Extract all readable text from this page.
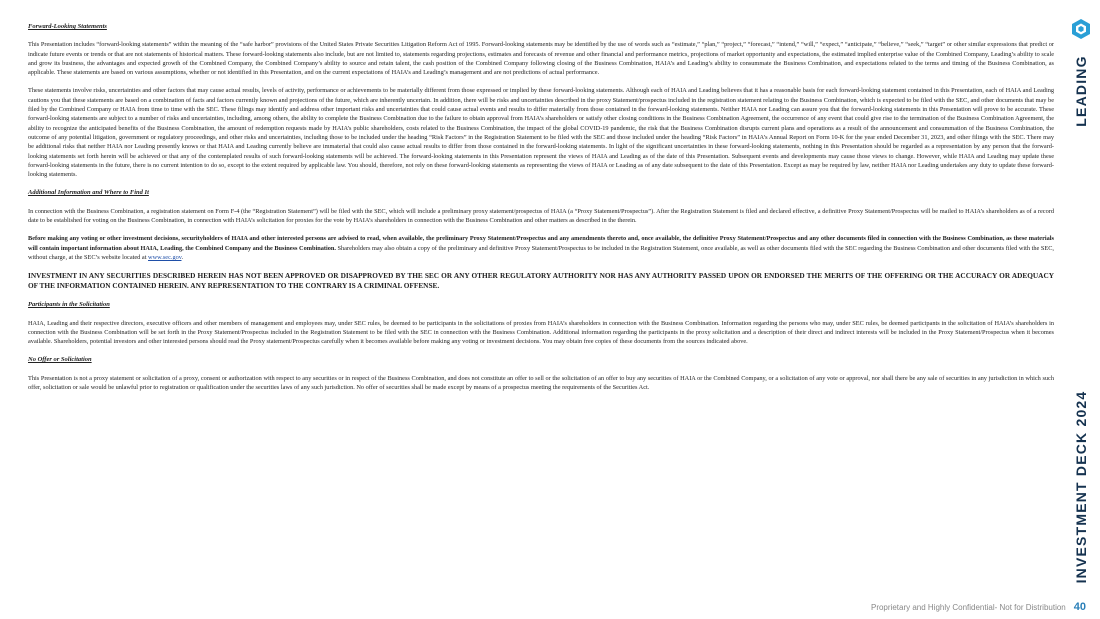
Forward-Looking Statements

This Presentation includes “forward-looking statements” within the meaning of the “safe harbor” provisions of the United States Private Securities Litigation Reform Act of 1995. Forward-looking statements may be identified by the use of words such as “estimate,” “plan,” “project,” “forecast,” “intend,” “will,” “expect,” “anticipate,” “believe,” “seek,” “target” or other similar expressions that predict or indicate future events or trends or that are not statements of historical matters. These forward-looking statements also include, but are not limited to, statements regarding projections, estimates and forecasts of revenue and other financial and performance metrics, projections of market opportunity and expectations, the estimated implied enterprise value of the Combined Company, Leading’s ability to scale and grow its business, the advantages and expected growth of the Combined Company, the Combined Company’s ability to source and retain talent, the cash position of the Combined Company following closing of the Business Combination, HAIA’s and Leading’s ability to consummate the Business Combination, and expectations related to the terms and timing of the Business Combination, as applicable. These statements are based on various assumptions, whether or not identified in this Presentation, and on the current expectations of HAIA’s and Leading’s management and are not predictions of actual performance.

These statements involve risks, uncertainties and other factors that may cause actual results, levels of activity, performance or achievements to be materially different from those expressed or implied by these forward-looking statements. Although each of HAIA and Leading believes that it has a reasonable basis for each forward-looking statement contained in this Presentation, each of HAIA and Leading cautions you that these statements are based on a combination of facts and factors currently known and projections of the future, which are inherently uncertain. In addition, there will be risks and uncertainties described in the proxy Statement/prospectus included in the registration statement relating to the Business Combination, which is expected to be filed with the SEC, and other documents that may be filed by the Combined Company or HAIA from time to time with the SEC. These filings may identify and address other important risks and uncertainties that could cause actual events and results to differ materially from those contained in the forward-looking statements. Neither HAIA nor Leading can assure you that the forward-looking statements in this Presentation will prove to be accurate. These forward-looking statements are subject to a number of risks and uncertainties, including, among others, the ability to complete the Business Combination due to the failure to obtain approval from HAIA’s shareholders or satisfy other closing conditions in the Business Combination Agreement, the occurrence of any event that could give rise to the termination of the Business Combination Agreement, the ability to recognize the anticipated benefits of the Business Combination, the amount of redemption requests made by HAIA’s public shareholders, costs related to the Business Combination, the impact of the global COVID-19 pandemic, the risk that the Business Combination disrupts current plans and operations as a result of the announcement and consummation of the Business Combination, the outcome of any potential litigation, government or regulatory proceedings, and other risks and uncertainties, including those to be included under the heading “Risk Factors” in the Registration Statement to be filed with the SEC and those included under the heading “Risk Factors” in HAIA’s Annual Report on Form 10-K for the year ended December 31, 2023, and other filings with the SEC. There may be additional risks that neither HAIA nor Leading presently knows or that HAIA and Leading currently believe are immaterial that could also cause actual results to differ from those contained in the forward-looking statements. In light of the significant uncertainties in these forward-looking statements, nothing in this Presentation should be regarded as a representation by any person that the forward-looking statements set forth herein will be achieved or that any of the contemplated results of such forward-looking statements will be achieved. The forward-looking statements in this Presentation represent the views of HAIA and Leading as of the date of this Presentation. Subsequent events and developments may cause those views to change. However, while HAIA and Leading may update these forward-looking statements in the future, there is no current intention to do so, except to the extent required by applicable law. You should, therefore, not rely on these forward-looking statements as representing the views of HAIA or Leading as of any date subsequent to the date of this Presentation. Except as may be required by law, neither HAIA nor Leading undertakes any duty to update these forward-looking statements.

Additional Information and Where to Find It

In connection with the Business Combination, a registration statement on Form F-4 (the “Registration Statement”) will be filed with the SEC, which will include a preliminary proxy statement/prospectus of HAIA (a “Proxy Statement/Prospectus”). After the Registration Statement is filed and declared effective, a definitive Proxy Statement/Prospectus will be mailed to HAIA’s shareholders as of a record date to be established for voting on the Business Combination, in connection with HAIA’s solicitation for proxies for the vote by HAIA’s shareholders in connection with the Business Combination and other matters as described in the therein.

Before making any voting or other investment decisions, securityholders of HAIA and other interested persons are advised to read, when available, the preliminary Proxy Statement/Prospectus and any amendments thereto and, once available, the definitive Proxy Statement/Prospectus and any other documents filed in connection with the Business Combination, as these materials will contain important information about HAIA, Leading, the Combined Company and the Business Combination. Shareholders may also obtain a copy of the preliminary and definitive Proxy Statement/Prospectus to be included in the Registration Statement, once available, as well as other documents filed with the SEC regarding the Business Combination and other documents filed with the SEC, without charge, at the SEC’s website located at www.sec.gov.

INVESTMENT IN ANY SECURITIES DESCRIBED HEREIN HAS NOT BEEN APPROVED OR DISAPPROVED BY THE SEC OR ANY OTHER REGULATORY AUTHORITY NOR HAS ANY AUTHORITY PASSED UPON OR ENDORSED THE MERITS OF THE OFFERING OR THE ACCURACY OR ADEQUACY OF THE INFORMATION CONTAINED HEREIN. ANY REPRESENTATION TO THE CONTRARY IS A CRIMINAL OFFENSE.

Participants in the Solicitation

HAIA, Leading and their respective directors, executive officers and other members of management and employees may, under SEC rules, be deemed to be participants in the solicitations of proxies from HAIA’s shareholders in connection with the Business Combination. Information regarding the persons who may, under SEC rules, be deemed participants in the solicitation of HAIA’s shareholders in connection with the Business Combination will be set forth in the Proxy Statement/Prospectus included in the Registration Statement to be filed with the SEC in connection with the Business Combination. Additional information regarding the participants in the proxy solicitation and a description of their direct and indirect interests will be included in the Proxy Statement/Prospectus when it becomes available. Shareholders, potential investors and other interested persons should read the Proxy statement/Prospectus carefully when it becomes available before making any voting or investment decisions. You may obtain free copies of these documents from the sources indicated above.

No Offer or Solicitation

This Presentation is not a proxy statement or solicitation of a proxy, consent or authorization with respect to any securities or in respect of the Business Combination, and does not constitute an offer to sell or the solicitation of an offer to buy any securities of HAIA or the Combined Company, or a solicitation of any vote or approval, nor shall there be any sale of securities in any jurisdiction in which such offer, solicitation or sale would be unlawful prior to registration or qualification under the securities laws of any such jurisdiction. No offer of securities shall be made except by means of a prospectus meeting the requirements of the Securities Act.

LEADING
INVESTMENT DECK 2024
Proprietary and Highly Confidential- Not for Distribution 40
